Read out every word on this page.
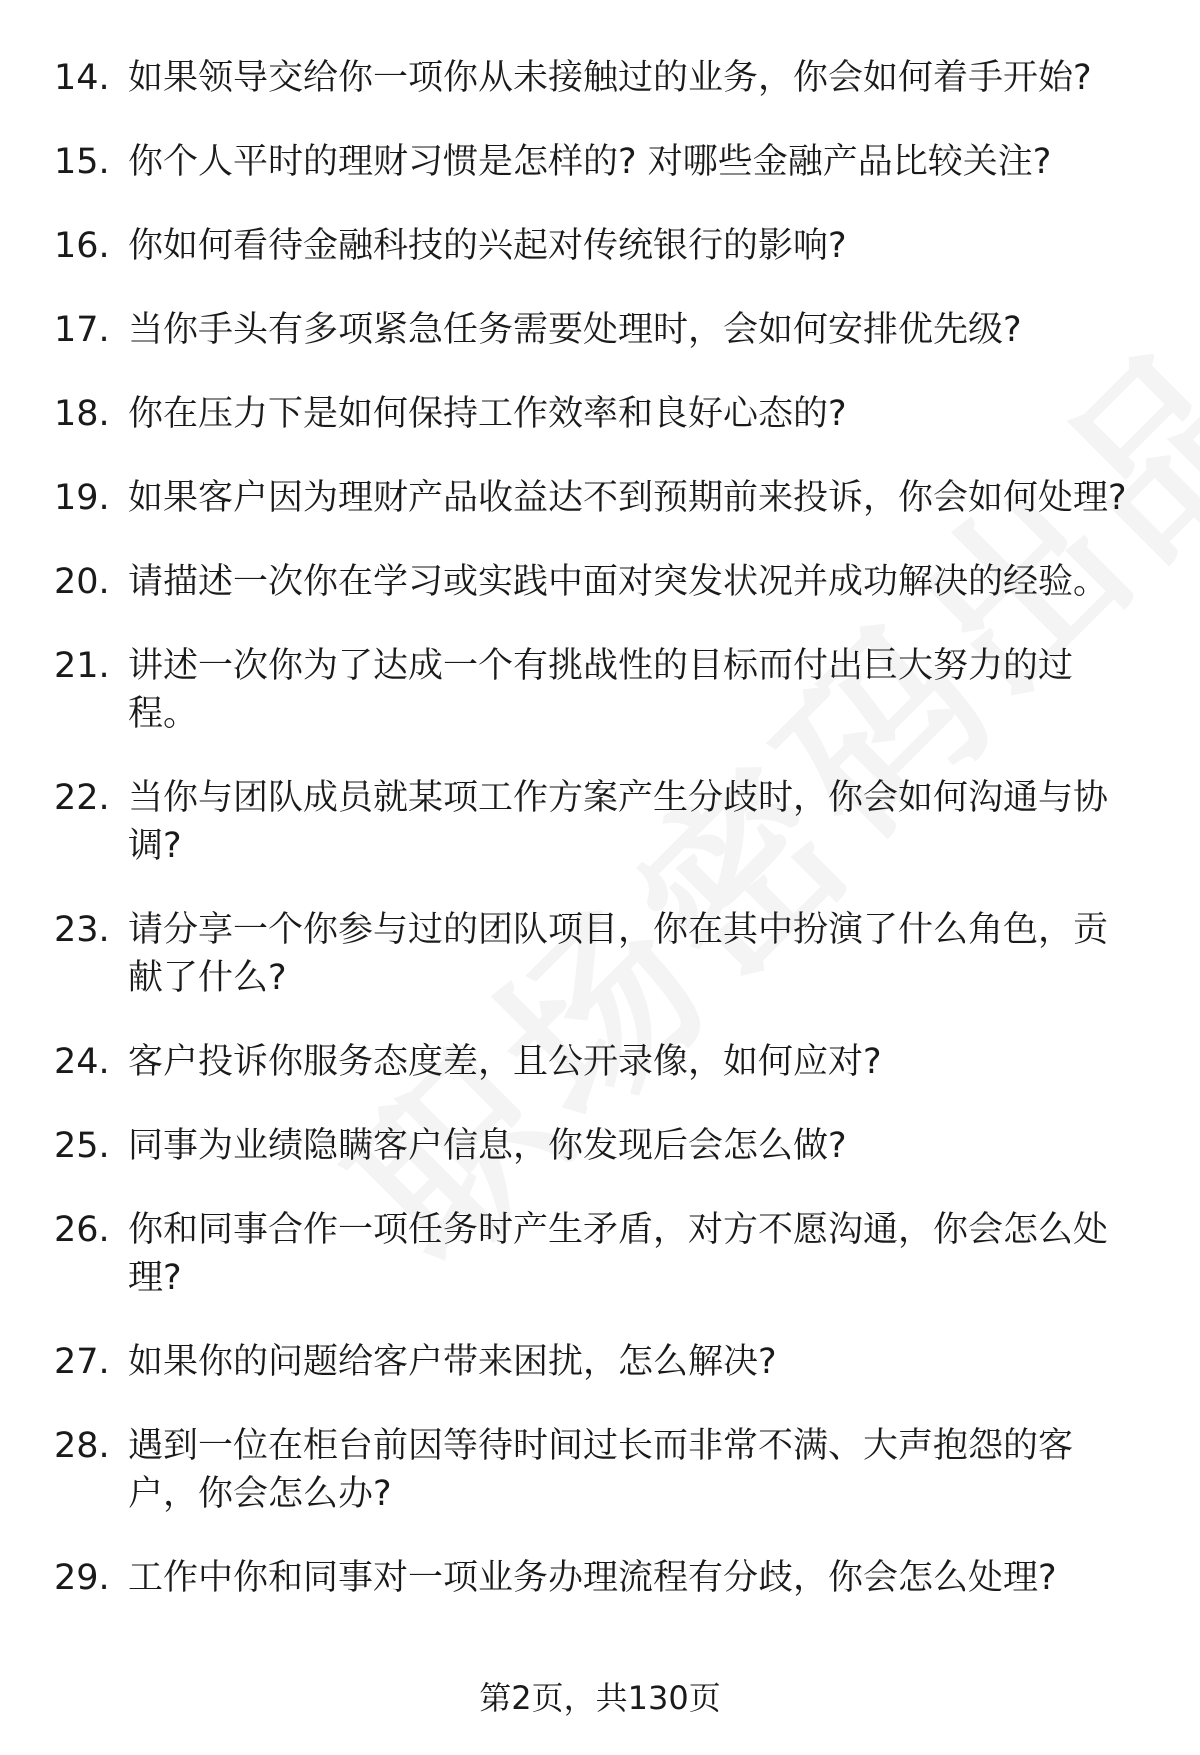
14. 如果领导交给你一项你从未接触过的业务，你会如何着手开始?
15. 你个人平时的理财习惯是怎样的? 对哪些金融产品比较关注?
16. 你如何看待金融科技的兴起对传统银行的影响?
17. 当你手头有多项紧急任务需要处理时，会如何安排优先级?
18. 你在压力下是如何保持工作效率和良好心态的?
19. 如果客户因为理财产品收益达不到预期前来投诉，你会如何处理?
20. 请描述一次你在学习或实践中面对突发状况并成功解决的经验。
21. 讲述一次你为了达成一个有挑战性的目标而付出巨大努力的过程。
22. 当你与团队成员就某项工作方案产生分歧时，你会如何沟通与协调?
23. 请分享一个你参与过的团队项目，你在其中扮演了什么角色，贡献了什么?
24. 客户投诉你服务态度差，且公开录像，如何应对?
25. 同事为业绩隐瞒客户信息，你发现后会怎么做?
26. 你和同事合作一项任务时产生矛盾，对方不愿沟通，你会怎么处理?
27. 如果你的问题给客户带来困扰，怎么解决?
28. 遇到一位在柜台前因等待时间过长而非常不满、大声抱怨的客户，你会怎么办?
29. 工作中你和同事对一项业务办理流程有分歧，你会怎么处理?
第2页，共130页
